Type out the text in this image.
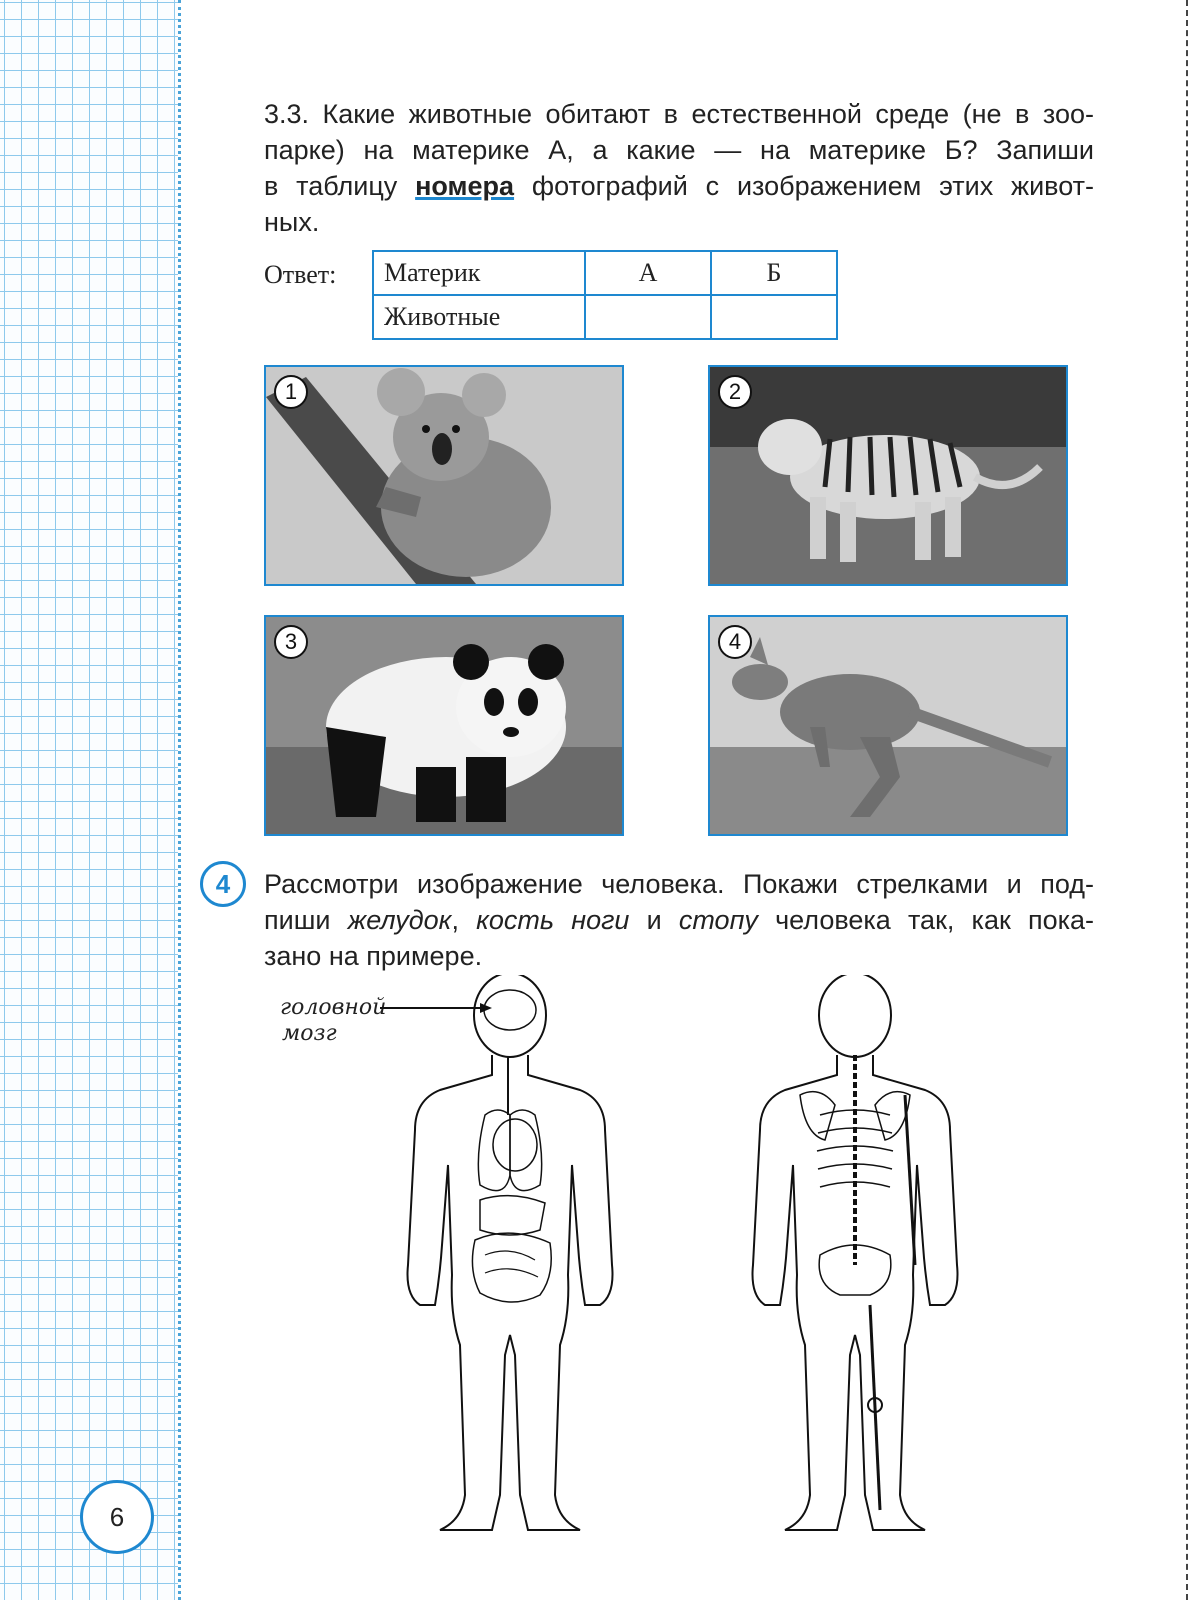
3.3. Какие животные обитают в естественной среде (не в зоо-
парке) на материке А, а какие — на материке Б? Запиши
в таблицу номера фотографий с изображением этих живот-
ных.
Ответ: Материк	А	Б
Животные		
1	2
3	4
4	Рассмотри изображение человека. Покажи стрелками и под-
пиши желудок, кость ноги и стопу человека так, как пока-
зано на примере.
головной
мозг
6
